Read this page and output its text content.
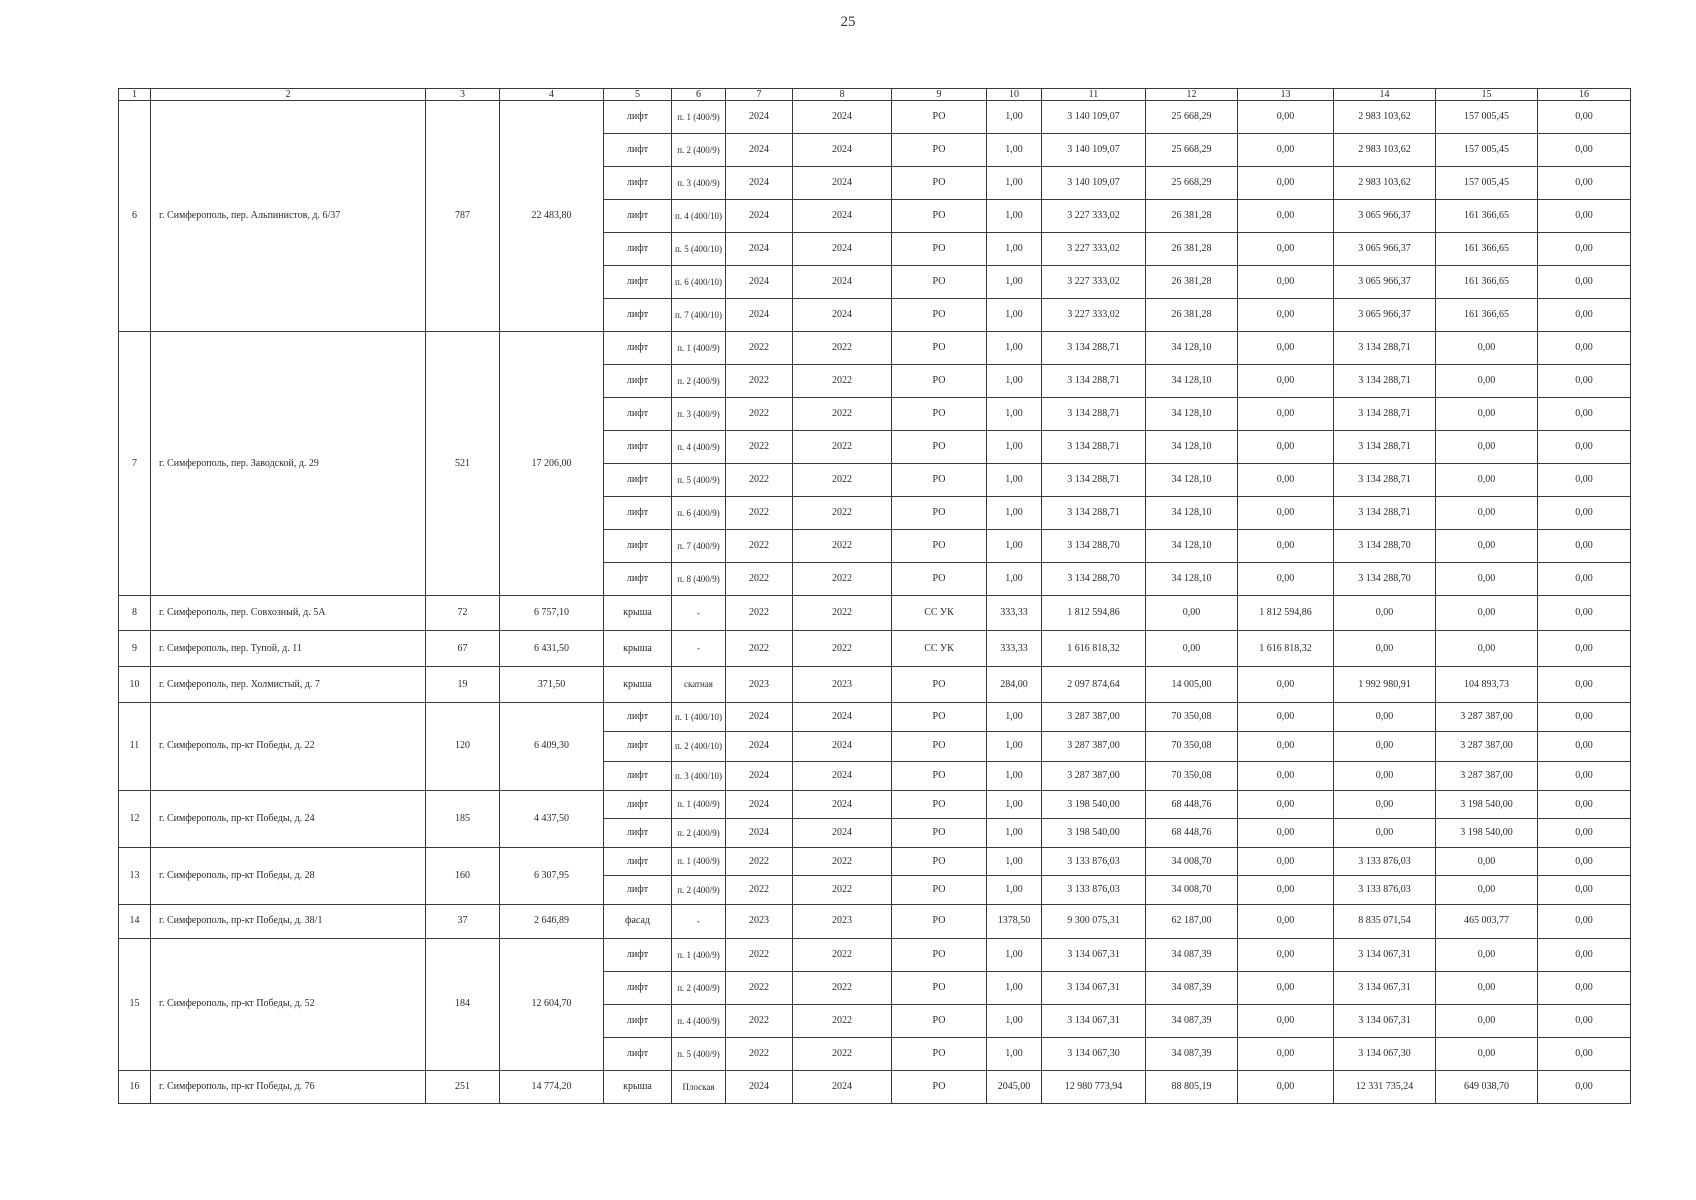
25
1	2	3	4	5	6	7	8	9	10	11	12	13	14	15	16
6	г. Симферополь, пер. Альпинистов, д. 6/37	787	22 483,80	лифт	п. 1 (400/9)	2024	2024	РО	1,00	3 140 109,07	25 668,29	0,00	2 983 103,62	157 005,45	0,00
				лифт	п. 2 (400/9)	2024	2024	РО	1,00	3 140 109,07	25 668,29	0,00	2 983 103,62	157 005,45	0,00
				лифт	п. 3 (400/9)	2024	2024	РО	1,00	3 140 109,07	25 668,29	0,00	2 983 103,62	157 005,45	0,00
				лифт	п. 4 (400/10)	2024	2024	РО	1,00	3 227 333,02	26 381,28	0,00	3 065 966,37	161 366,65	0,00
				лифт	п. 5 (400/10)	2024	2024	РО	1,00	3 227 333,02	26 381,28	0,00	3 065 966,37	161 366,65	0,00
				лифт	п. 6 (400/10)	2024	2024	РО	1,00	3 227 333,02	26 381,28	0,00	3 065 966,37	161 366,65	0,00
				лифт	п. 7 (400/10)	2024	2024	РО	1,00	3 227 333,02	26 381,28	0,00	3 065 966,37	161 366,65	0,00
7	г. Симферополь, пер. Заводской, д. 29	521	17 206,00	лифт	п. 1 (400/9)	2022	2022	РО	1,00	3 134 288,71	34 128,10	0,00	3 134 288,71	0,00	0,00
				лифт	п. 2 (400/9)	2022	2022	РО	1,00	3 134 288,71	34 128,10	0,00	3 134 288,71	0,00	0,00
				лифт	п. 3 (400/9)	2022	2022	РО	1,00	3 134 288,71	34 128,10	0,00	3 134 288,71	0,00	0,00
				лифт	п. 4 (400/9)	2022	2022	РО	1,00	3 134 288,71	34 128,10	0,00	3 134 288,71	0,00	0,00
				лифт	п. 5 (400/9)	2022	2022	РО	1,00	3 134 288,71	34 128,10	0,00	3 134 288,71	0,00	0,00
				лифт	п. 6 (400/9)	2022	2022	РО	1,00	3 134 288,71	34 128,10	0,00	3 134 288,71	0,00	0,00
				лифт	п. 7 (400/9)	2022	2022	РО	1,00	3 134 288,70	34 128,10	0,00	3 134 288,70	0,00	0,00
				лифт	п. 8 (400/9)	2022	2022	РО	1,00	3 134 288,70	34 128,10	0,00	3 134 288,70	0,00	0,00
8	г. Симферополь, пер. Совхозный, д. 5А	72	6 757,10	крыша	-	2022	2022	СС УК	333,33	1 812 594,86	0,00	1 812 594,86	0,00	0,00	0,00
9	г. Симферополь, пер. Тупой, д. 11	67	6 431,50	крыша	-	2022	2022	СС УК	333,33	1 616 818,32	0,00	1 616 818,32	0,00	0,00	0,00
10	г. Симферополь, пер. Холмистый, д. 7	19	371,50	крыша	скатная	2023	2023	РО	284,00	2 097 874,64	14 005,00	0,00	1 992 980,91	104 893,73	0,00
11	г. Симферополь, пр-кт Победы, д. 22	120	6 409,30	лифт	п. 1 (400/10)	2024	2024	РО	1,00	3 287 387,00	70 350,08	0,00	0,00	3 287 387,00	0,00
				лифт	п. 2 (400/10)	2024	2024	РО	1,00	3 287 387,00	70 350,08	0,00	0,00	3 287 387,00	0,00
				лифт	п. 3 (400/10)	2024	2024	РО	1,00	3 287 387,00	70 350,08	0,00	0,00	3 287 387,00	0,00
12	г. Симферополь, пр-кт Победы, д. 24	185	4 437,50	лифт	п. 1 (400/9)	2024	2024	РО	1,00	3 198 540,00	68 448,76	0,00	0,00	3 198 540,00	0,00
				лифт	п. 2 (400/9)	2024	2024	РО	1,00	3 198 540,00	68 448,76	0,00	0,00	3 198 540,00	0,00
13	г. Симферополь, пр-кт Победы, д. 28	160	6 307,95	лифт	п. 1 (400/9)	2022	2022	РО	1,00	3 133 876,03	34 008,70	0,00	3 133 876,03	0,00	0,00
				лифт	п. 2 (400/9)	2022	2022	РО	1,00	3 133 876,03	34 008,70	0,00	3 133 876,03	0,00	0,00
14	г. Симферополь, пр-кт Победы, д. 38/1	37	2 646,89	фасад	-	2023	2023	РО	1378,50	9 300 075,31	62 187,00	0,00	8 835 071,54	465 003,77	0,00
15	г. Симферополь, пр-кт Победы, д. 52	184	12 604,70	лифт	п. 1 (400/9)	2022	2022	РО	1,00	3 134 067,31	34 087,39	0,00	3 134 067,31	0,00	0,00
				лифт	п. 2 (400/9)	2022	2022	РО	1,00	3 134 067,31	34 087,39	0,00	3 134 067,31	0,00	0,00
				лифт	п. 4 (400/9)	2022	2022	РО	1,00	3 134 067,31	34 087,39	0,00	3 134 067,31	0,00	0,00
				лифт	п. 5 (400/9)	2022	2022	РО	1,00	3 134 067,30	34 087,39	0,00	3 134 067,30	0,00	0,00
16	г. Симферополь, пр-кт Победы, д. 76	251	14 774,20	крыша	Плоская	2024	2024	РО	2045,00	12 980 773,94	88 805,19	0,00	12 331 735,24	649 038,70	0,00
